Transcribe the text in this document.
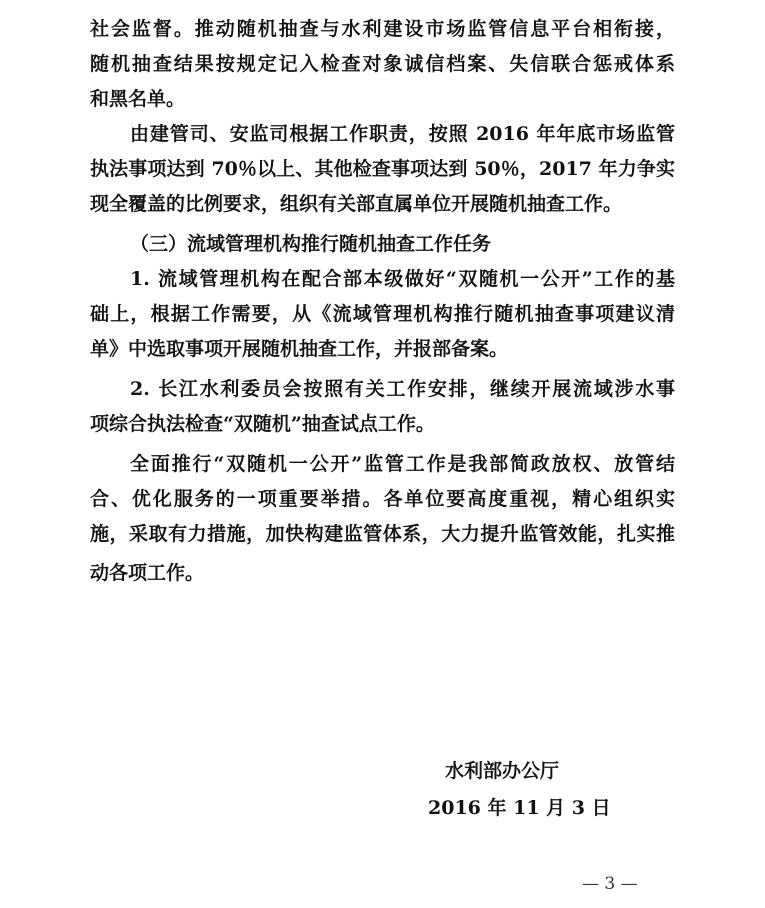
社会监督。推动随机抽查与水利建设市场监管信息平台相衔接，
随机抽查结果按规定记入检查对象诚信档案、失信联合惩戒体系
和黑名单。
由建管司、安监司根据工作职责，按照 2016 年年底市场监管
执法事项达到 70％以上、其他检查事项达到 50％，2017 年力争实
现全覆盖的比例要求，组织有关部直属单位开展随机抽查工作。
（三）流域管理机构推行随机抽查工作任务
1. 流域管理机构在配合部本级做好“双随机一公开”工作的基
础上，根据工作需要，从《流域管理机构推行随机抽查事项建议清
单》中选取事项开展随机抽查工作，并报部备案。
2. 长江水利委员会按照有关工作安排，继续开展流域涉水事
项综合执法检查“双随机”抽查试点工作。
全面推行“双随机一公开”监管工作是我部简政放权、放管结
合、优化服务的一项重要举措。各单位要高度重视，精心组织实
施，采取有力措施，加快构建监管体系，大力提升监管效能，扎实推
动各项工作。
水利部办公厅
2016 年 11 月 3 日
— 3 —
